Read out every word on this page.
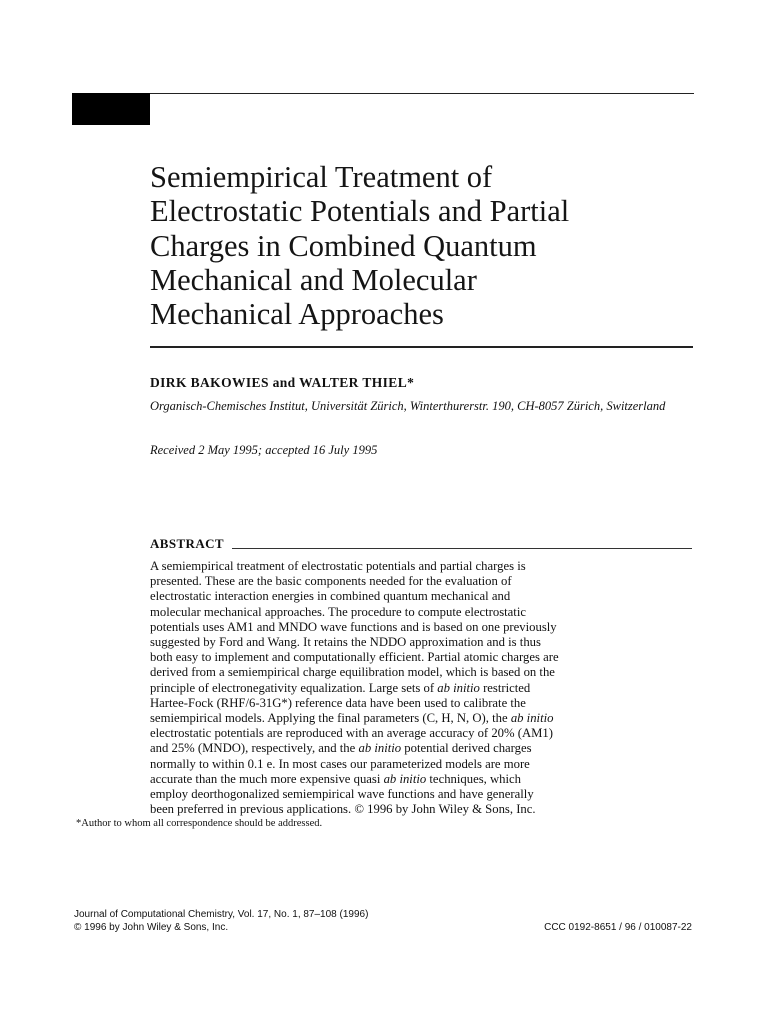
Semiempirical Treatment of
Electrostatic Potentials and Partial
Charges in Combined Quantum
Mechanical and Molecular
Mechanical Approaches
DIRK BAKOWIES and WALTER THIEL*
Organisch-Chemisches Institut, Universität Zürich, Winterthurerstr. 190, CH-8057 Zürich, Switzerland
Received 2 May 1995; accepted 16 July 1995
ABSTRACT
A semiempirical treatment of electrostatic potentials and partial charges is
presented. These are the basic components needed for the evaluation of
electrostatic interaction energies in combined quantum mechanical and
molecular mechanical approaches. The procedure to compute electrostatic
potentials uses AM1 and MNDO wave functions and is based on one previously
suggested by Ford and Wang. It retains the NDDO approximation and is thus
both easy to implement and computationally efficient. Partial atomic charges are
derived from a semiempirical charge equilibration model, which is based on the
principle of electronegativity equalization. Large sets of ab initio restricted
Hartee-Fock (RHF/6-31G*) reference data have been used to calibrate the
semiempirical models. Applying the final parameters (C, H, N, O), the ab initio
electrostatic potentials are reproduced with an average accuracy of 20% (AM1)
and 25% (MNDO), respectively, and the ab initio potential derived charges
normally to within 0.1 e. In most cases our parameterized models are more
accurate than the much more expensive quasi ab initio techniques, which
employ deorthogonalized semiempirical wave functions and have generally
been preferred in previous applications. © 1996 by John Wiley & Sons, Inc.
*Author to whom all correspondence should be addressed.
Journal of Computational Chemistry, Vol. 17, No. 1, 87–108 (1996)
© 1996 by John Wiley & Sons, Inc.	CCC 0192-8651 / 96 / 010087-22
